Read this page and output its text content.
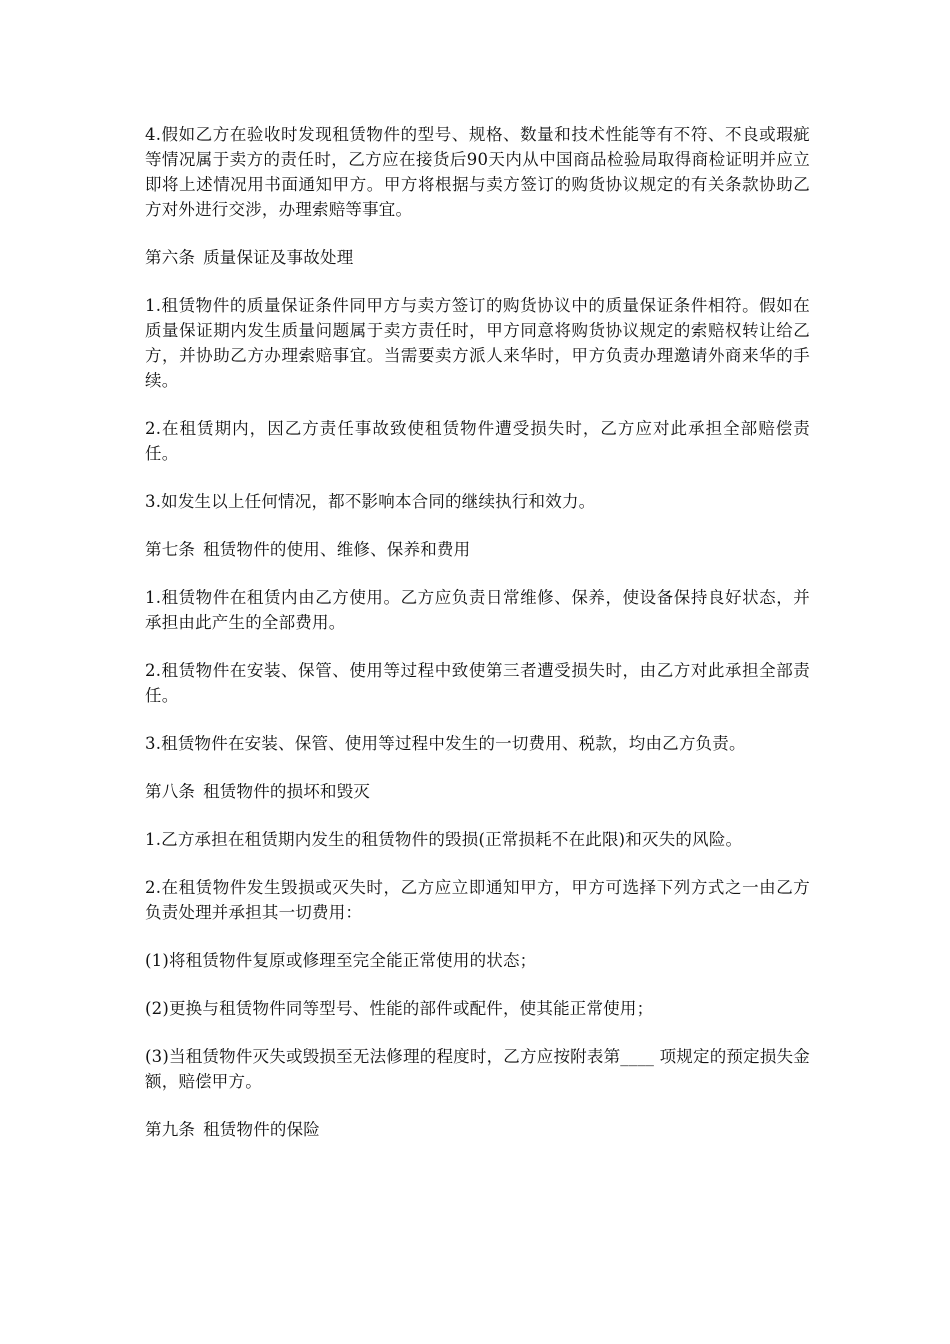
4.假如乙方在验收时发现租赁物件的型号、规格、数量和技术性能等有不符、不良或瑕疵等情况属于卖方的责任时，乙方应在接货后90天内从中国商品检验局取得商检证明并应立即将上述情况用书面通知甲方。甲方将根据与卖方签订的购货协议规定的有关条款协助乙方对外进行交涉，办理索赔等事宜。

第六条 质量保证及事故处理

1.租赁物件的质量保证条件同甲方与卖方签订的购货协议中的质量保证条件相符。假如在质量保证期内发生质量问题属于卖方责任时，甲方同意将购货协议规定的索赔权转让给乙方，并协助乙方办理索赔事宜。当需要卖方派人来华时，甲方负责办理邀请外商来华的手续。

2.在租赁期内，因乙方责任事故致使租赁物件遭受损失时，乙方应对此承担全部赔偿责任。

3.如发生以上任何情况，都不影响本合同的继续执行和效力。

第七条 租赁物件的使用、维修、保养和费用

1.租赁物件在租赁内由乙方使用。乙方应负责日常维修、保养，使设备保持良好状态，并承担由此产生的全部费用。

2.租赁物件在安装、保管、使用等过程中致使第三者遭受损失时，由乙方对此承担全部责任。

3.租赁物件在安装、保管、使用等过程中发生的一切费用、税款，均由乙方负责。

第八条 租赁物件的损坏和毁灭

1.乙方承担在租赁期内发生的租赁物件的毁损(正常损耗不在此限)和灭失的风险。

2.在租赁物件发生毁损或灭失时，乙方应立即通知甲方，甲方可选择下列方式之一由乙方负责处理并承担其一切费用：

(1)将租赁物件复原或修理至完全能正常使用的状态；

(2)更换与租赁物件同等型号、性能的部件或配件，使其能正常使用；

(3)当租赁物件灭失或毁损至无法修理的程度时，乙方应按附表第____ 项规定的预定损失金额，赔偿甲方。

第九条 租赁物件的保险
